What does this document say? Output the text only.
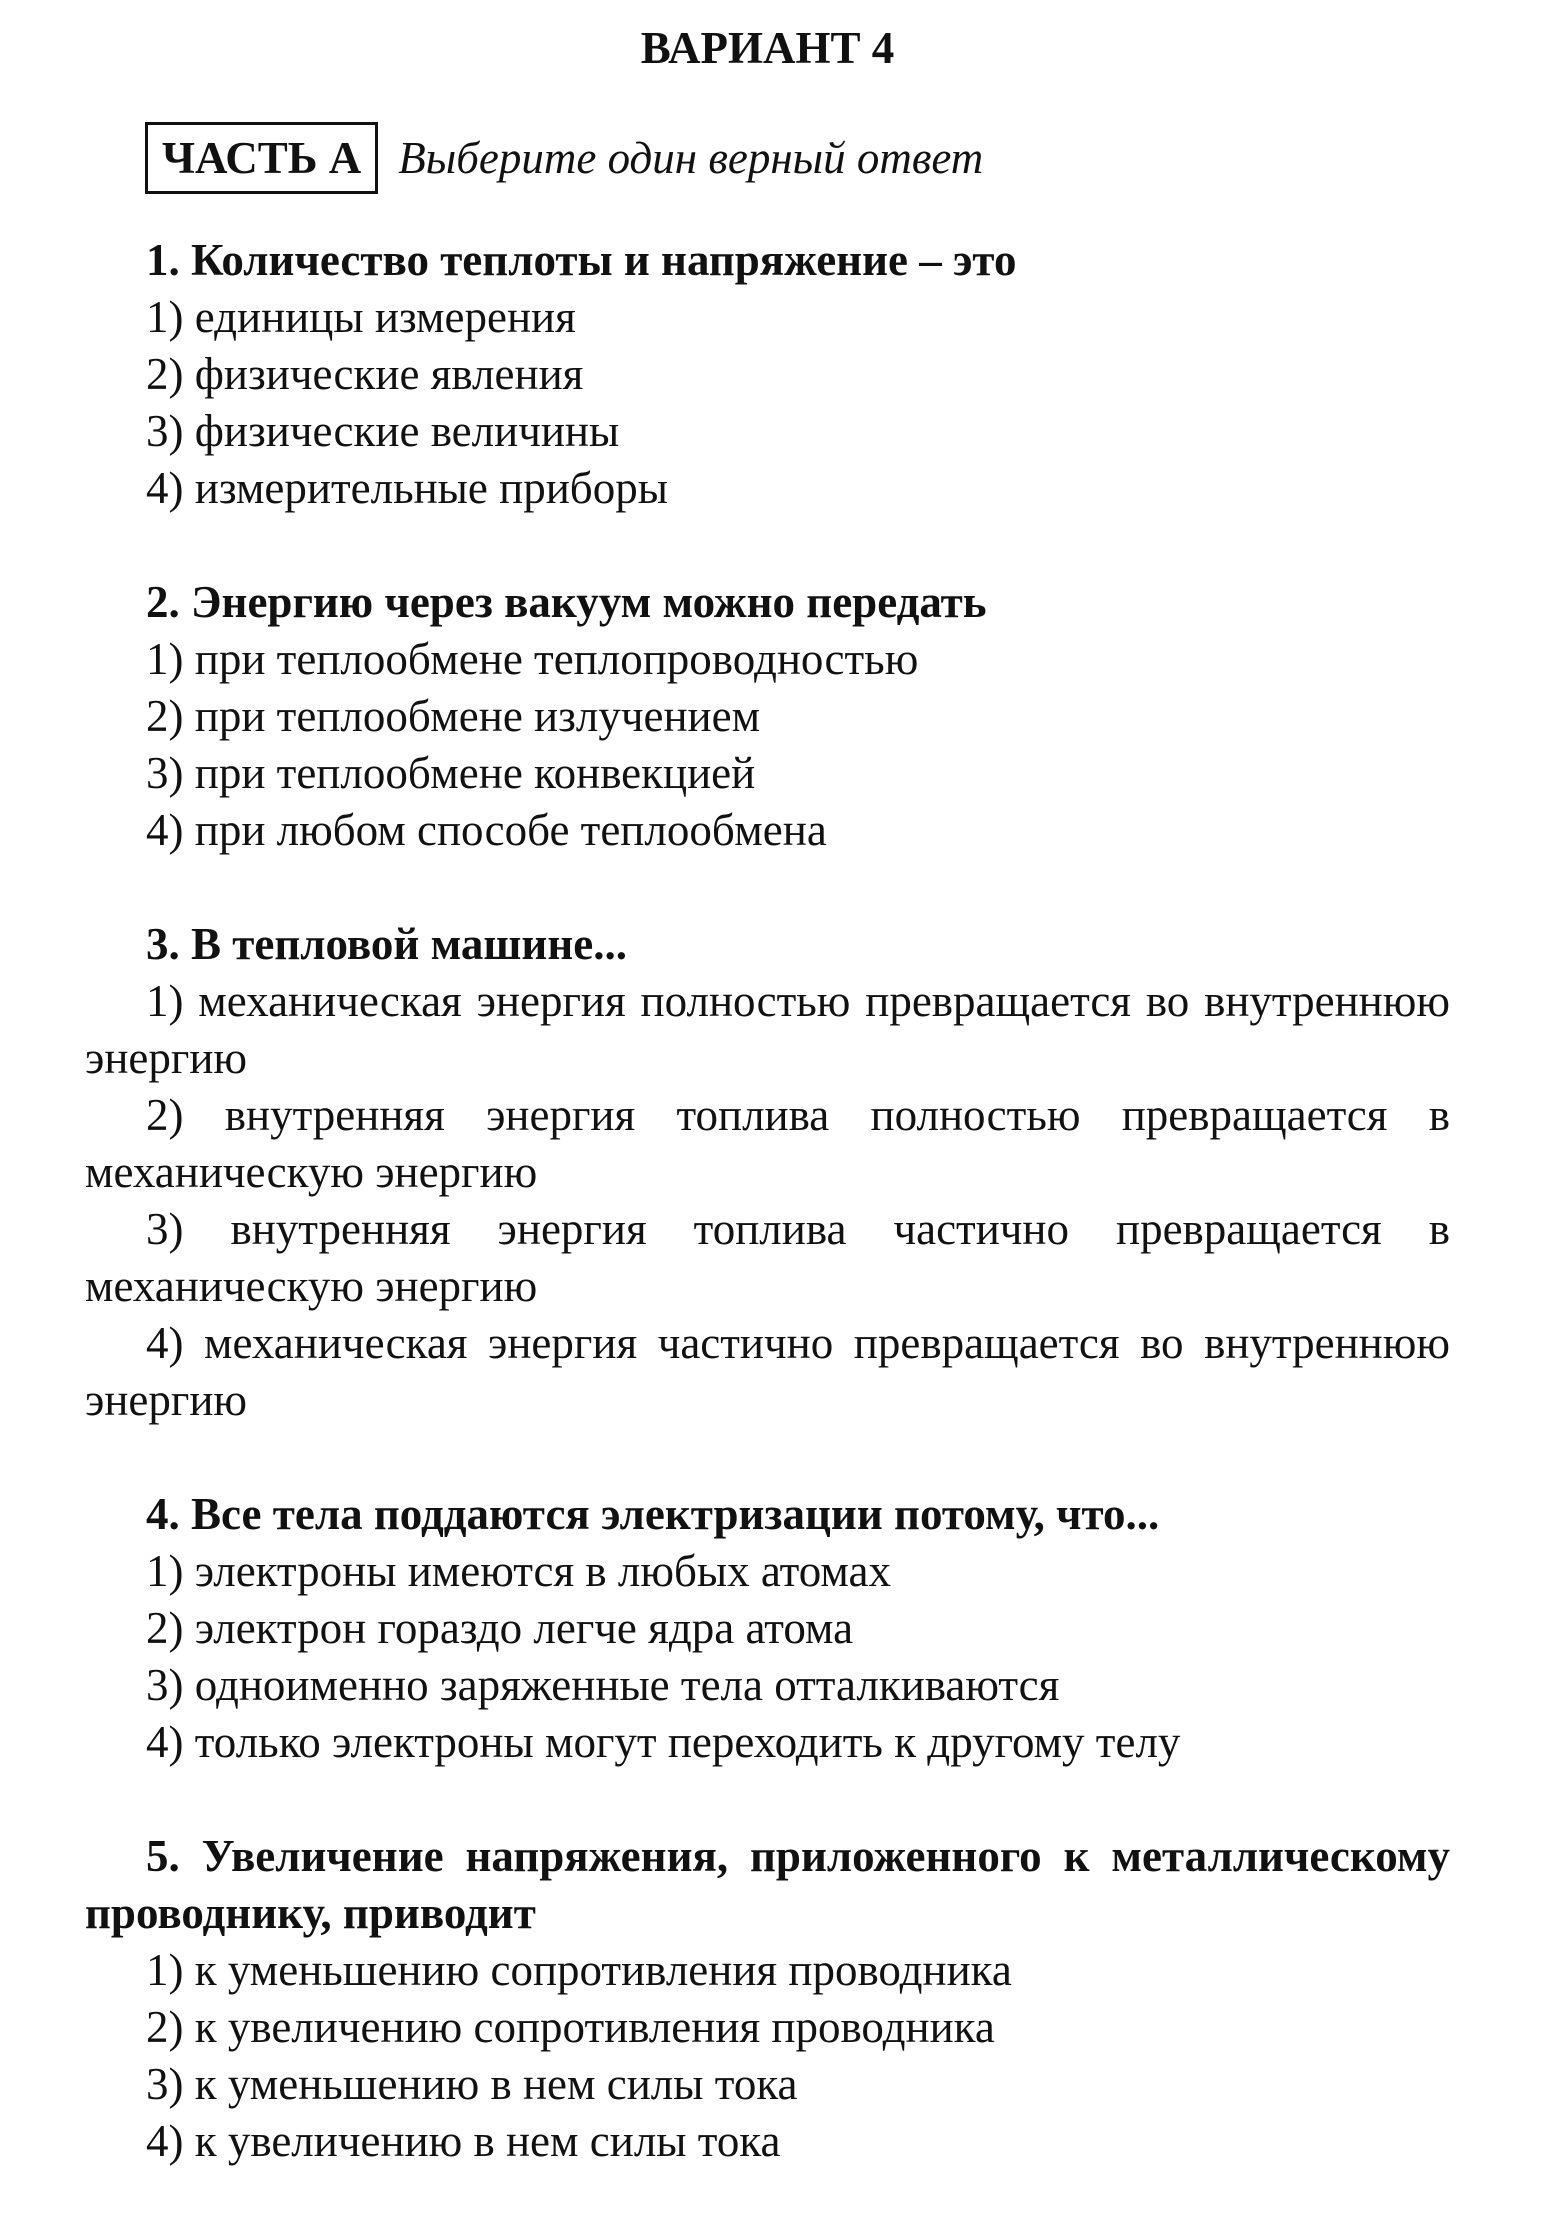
ВАРИАНТ 4
ЧАСТЬ А Выберите один верный ответ
1. Количество теплоты и напряжение – это
1) единицы измерения
2) физические явления
3) физические величины
4) измерительные приборы
2. Энергию через вакуум можно передать
1) при теплообмене теплопроводностью
2) при теплообмене излучением
3) при теплообмене конвекцией
4) при любом способе теплообмена
3. В тепловой машине...
1) механическая энергия полностью превращается во внутреннюю энергию
2) внутренняя энергия топлива полностью превращается в механическую энергию
3) внутренняя энергия топлива частично превращается в механическую энергию
4) механическая энергия частично превращается во внутреннюю энергию
4. Все тела поддаются электризации потому, что...
1) электроны имеются в любых атомах
2) электрон гораздо легче ядра атома
3) одноименно заряженные тела отталкиваются
4) только электроны могут переходить к другому телу
5. Увеличение напряжения, приложенного к металлическому проводнику, приводит
1) к уменьшению сопротивления проводника
2) к увеличению сопротивления проводника
3) к уменьшению в нем силы тока
4) к увеличению в нем силы тока
